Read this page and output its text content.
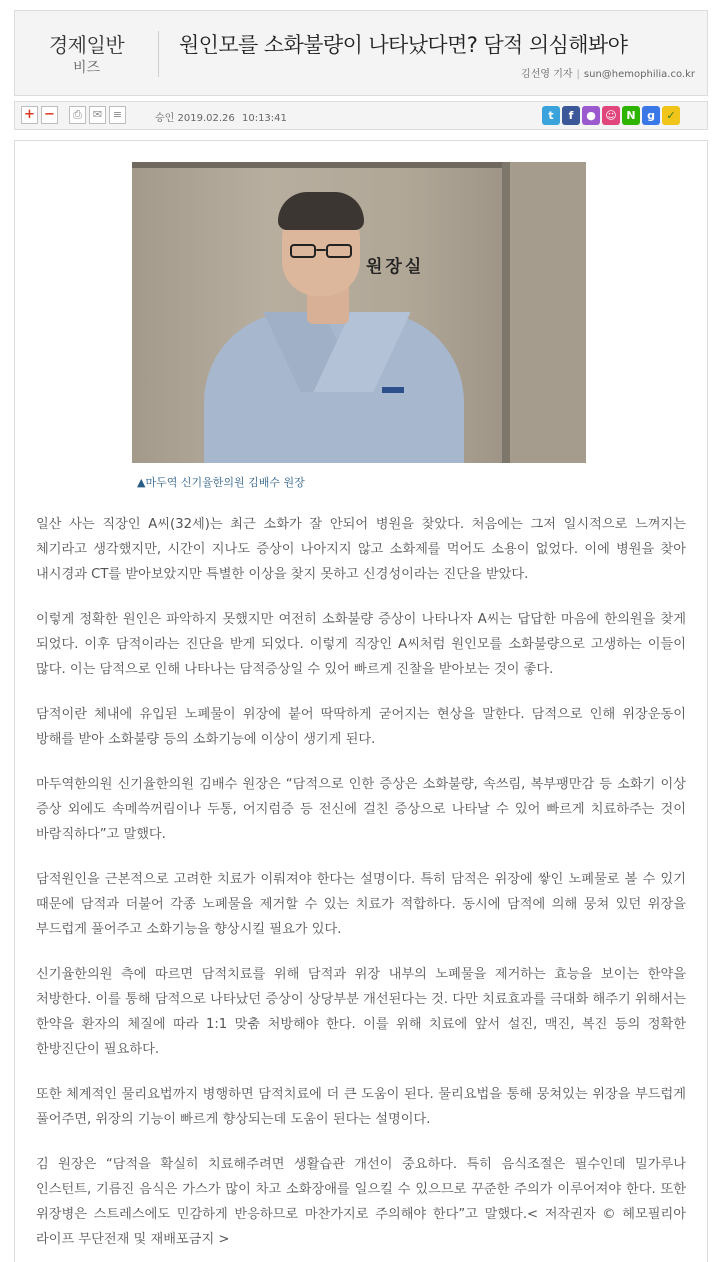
경제일반
비즈
원인모를 소화불량이 나타났다면? 담적 의심해봐야
김선영 기자 | sun@hemophilia.co.kr
+ −	⎙ ✉ ≡	승인 2019.02.26 10:13:41	t	f	● ☺ N	g	✓
원장실
▲마두역 신기율한의원 김배수 원장

일산 사는 직장인 A씨(32세)는 최근 소화가 잘 안되어 병원을 찾았다. 처음에는 그저 일시적으로 느껴지는 체기라고 생각했지만, 시간이 지나도 증상이 나아지지 않고 소화제를 먹어도 소용이 없었다. 이에 병원을 찾아 내시경과 CT를 받아보았지만 특별한 이상을 찾지 못하고 신경성이라는 진단을 받았다.

이렇게 정확한 원인은 파악하지 못했지만 여전히 소화불량 증상이 나타나자 A씨는 답답한 마음에 한의원을 찾게 되었다. 이후 담적이라는 진단을 받게 되었다. 이렇게 직장인 A씨처럼 원인모를 소화불량으로 고생하는 이들이 많다. 이는 담적으로 인해 나타나는 담적증상일 수 있어 빠르게 진찰을 받아보는 것이 좋다.

담적이란 체내에 유입된 노폐물이 위장에 붙어 딱딱하게 굳어지는 현상을 말한다. 담적으로 인해 위장운동이 방해를 받아 소화불량 등의 소화기능에 이상이 생기게 된다.

마두역한의원 신기율한의원 김배수 원장은 “담적으로 인한 증상은 소화불량, 속쓰림, 복부팽만감 등 소화기 이상 증상 외에도 속메쓱꺼림이나 두통, 어지럼증 등 전신에 걸친 증상으로 나타날 수 있어 빠르게 치료하주는 것이 바람직하다”고 말했다.

담적원인을 근본적으로 고려한 치료가 이뤄져야 한다는 설명이다. 특히 담적은 위장에 쌓인 노폐물로 볼 수 있기 때문에 담적과 더불어 각종 노폐물을 제거할 수 있는 치료가 적합하다. 동시에 담적에 의해 뭉쳐 있던 위장을 부드럽게 풀어주고 소화기능을 향상시킬 필요가 있다.

신기율한의원 측에 따르면 담적치료를 위해 담적과 위장 내부의 노폐물을 제거하는 효능을 보이는 한약을 처방한다. 이를 통해 담적으로 나타났던 증상이 상당부분 개선된다는 것. 다만 치료효과를 극대화 해주기 위해서는 한약을 환자의 체질에 따라 1:1 맞춤 처방해야 한다. 이를 위해 치료에 앞서 설진, 맥진, 복진 등의 정확한 한방진단이 필요하다.

또한 체계적인 물리요법까지 병행하면 담적치료에 더 큰 도움이 된다. 물리요법을 통해 뭉쳐있는 위장을 부드럽게 풀어주면, 위장의 기능이 빠르게 향상되는데 도움이 된다는 설명이다.

김 원장은 “담적을 확실히 치료해주려면 생활습관 개선이 중요하다. 특히 음식조절은 필수인데 밀가루나 인스턴트, 기름진 음식은 가스가 많이 차고 소화장애를 일으킬 수 있으므로 꾸준한 주의가 이루어져야 한다. 또한 위장병은 스트레스에도 민감하게 반응하므로 마찬가지로 주의해야 한다”고 말했다.< 저작권자 © 헤모필리아 라이프 무단전재 및 재배포금지 >
